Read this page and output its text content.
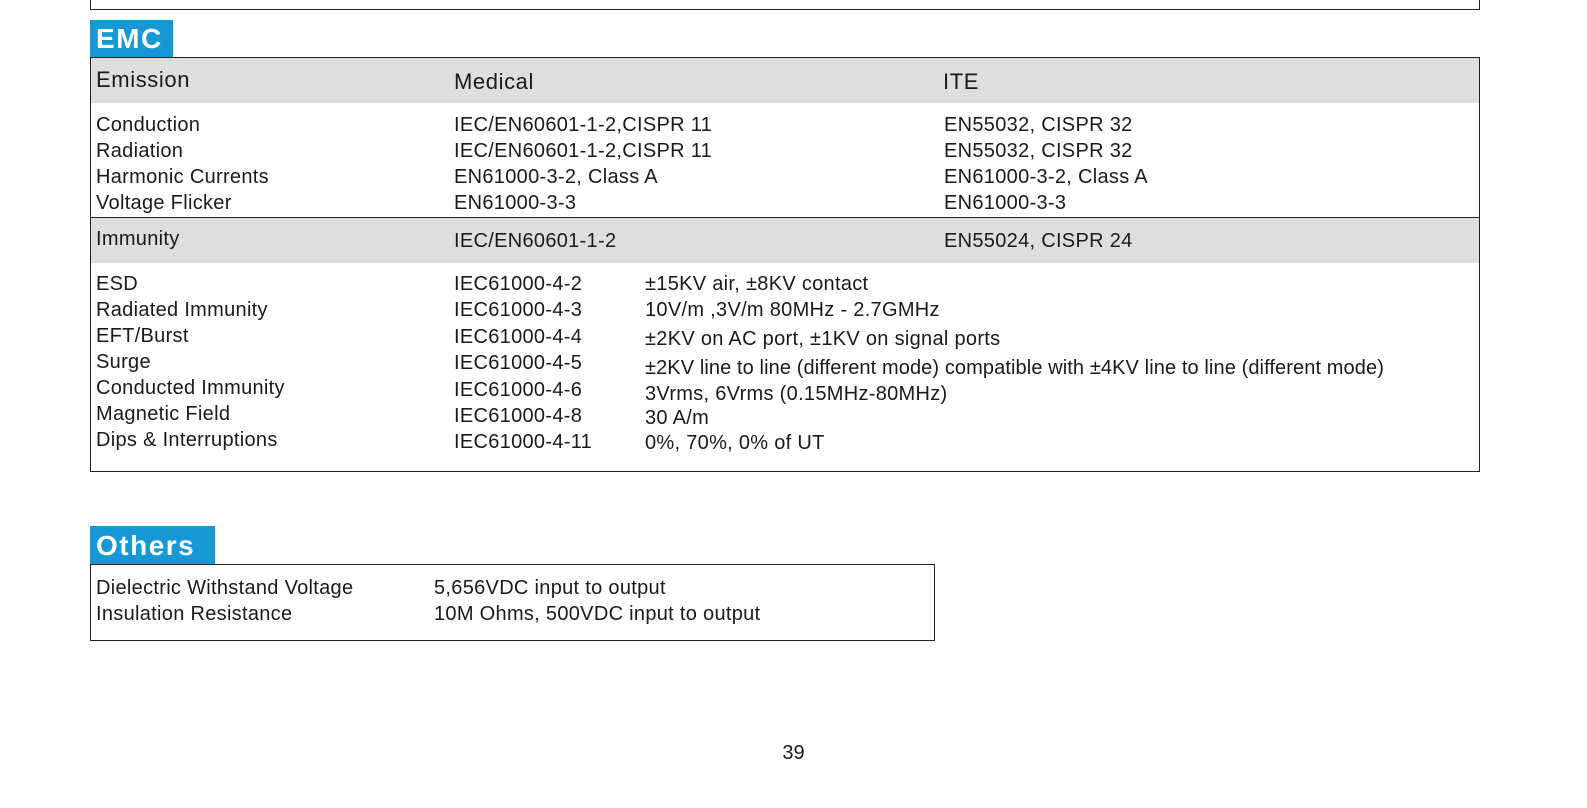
EMC
Emission	Medical	ITE
Conduction	IEC/EN60601-1-2,CISPR 11	EN55032, CISPR 32
Radiation	IEC/EN60601-1-2,CISPR 11	EN55032, CISPR 32
Harmonic Currents	EN61000-3-2, Class A	EN61000-3-2, Class A
Voltage Flicker	EN61000-3-3	EN61000-3-3
Immunity	IEC/EN60601-1-2	EN55024, CISPR 24
ESD	IEC61000-4-2	±15KV air, ±8KV contact
Radiated Immunity	IEC61000-4-3	10V/m ,3V/m 80MHz - 2.7GMHz
EFT/Burst	IEC61000-4-4	±2KV on AC port, ±1KV on signal ports
Surge	IEC61000-4-5	±2KV line to line (different mode) compatible with ±4KV line to line (different mode)
Conducted Immunity	IEC61000-4-6	3Vrms, 6Vrms (0.15MHz-80MHz)
Magnetic Field	IEC61000-4-8	30 A/m
Dips & Interruptions	IEC61000-4-11	0%, 70%, 0% of UT
Others
Dielectric Withstand Voltage	5,656VDC input to output
Insulation Resistance	10M Ohms, 500VDC input to output
39
